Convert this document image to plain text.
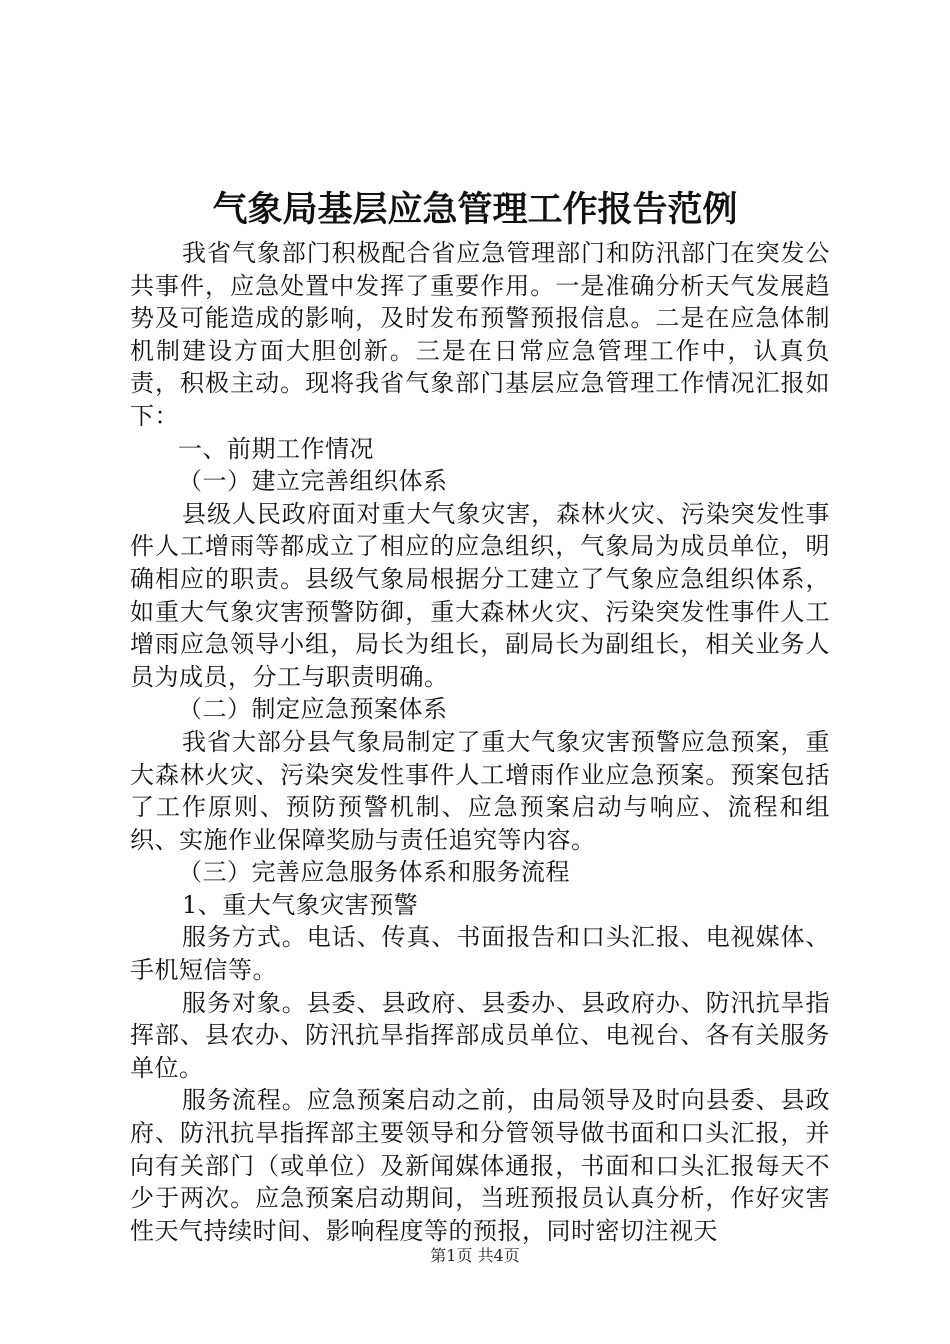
气象局基层应急管理工作报告范例

我省气象部门积极配合省应急管理部门和防汛部门在突发公共事件，应急处置中发挥了重要作用。一是准确分析天气发展趋势及可能造成的影响，及时发布预警预报信息。二是在应急体制机制建设方面大胆创新。三是在日常应急管理工作中，认真负责，积极主动。现将我省气象部门基层应急管理工作情况汇报如下：

一、前期工作情况

（一）建立完善组织体系

县级人民政府面对重大气象灾害，森林火灾、污染突发性事件人工增雨等都成立了相应的应急组织，气象局为成员单位，明确相应的职责。县级气象局根据分工建立了气象应急组织体系，如重大气象灾害预警防御，重大森林火灾、污染突发性事件人工增雨应急领导小组，局长为组长，副局长为副组长，相关业务人员为成员，分工与职责明确。

（二）制定应急预案体系

我省大部分县气象局制定了重大气象灾害预警应急预案，重大森林火灾、污染突发性事件人工增雨作业应急预案。预案包括了工作原则、预防预警机制、应急预案启动与响应、流程和组织、实施作业保障奖励与责任追究等内容。

（三）完善应急服务体系和服务流程

1、重大气象灾害预警

服务方式。电话、传真、书面报告和口头汇报、电视媒体、手机短信等。

服务对象。县委、县政府、县委办、县政府办、防汛抗旱指挥部、县农办、防汛抗旱指挥部成员单位、电视台、各有关服务单位。

服务流程。应急预案启动之前，由局领导及时向县委、县政府、防汛抗旱指挥部主要领导和分管领导做书面和口头汇报，并向有关部门（或单位）及新闻媒体通报，书面和口头汇报每天不少于两次。应急预案启动期间，当班预报员认真分析，作好灾害性天气持续时间、影响程度等的预报，同时密切注视天

第1页 共4页
